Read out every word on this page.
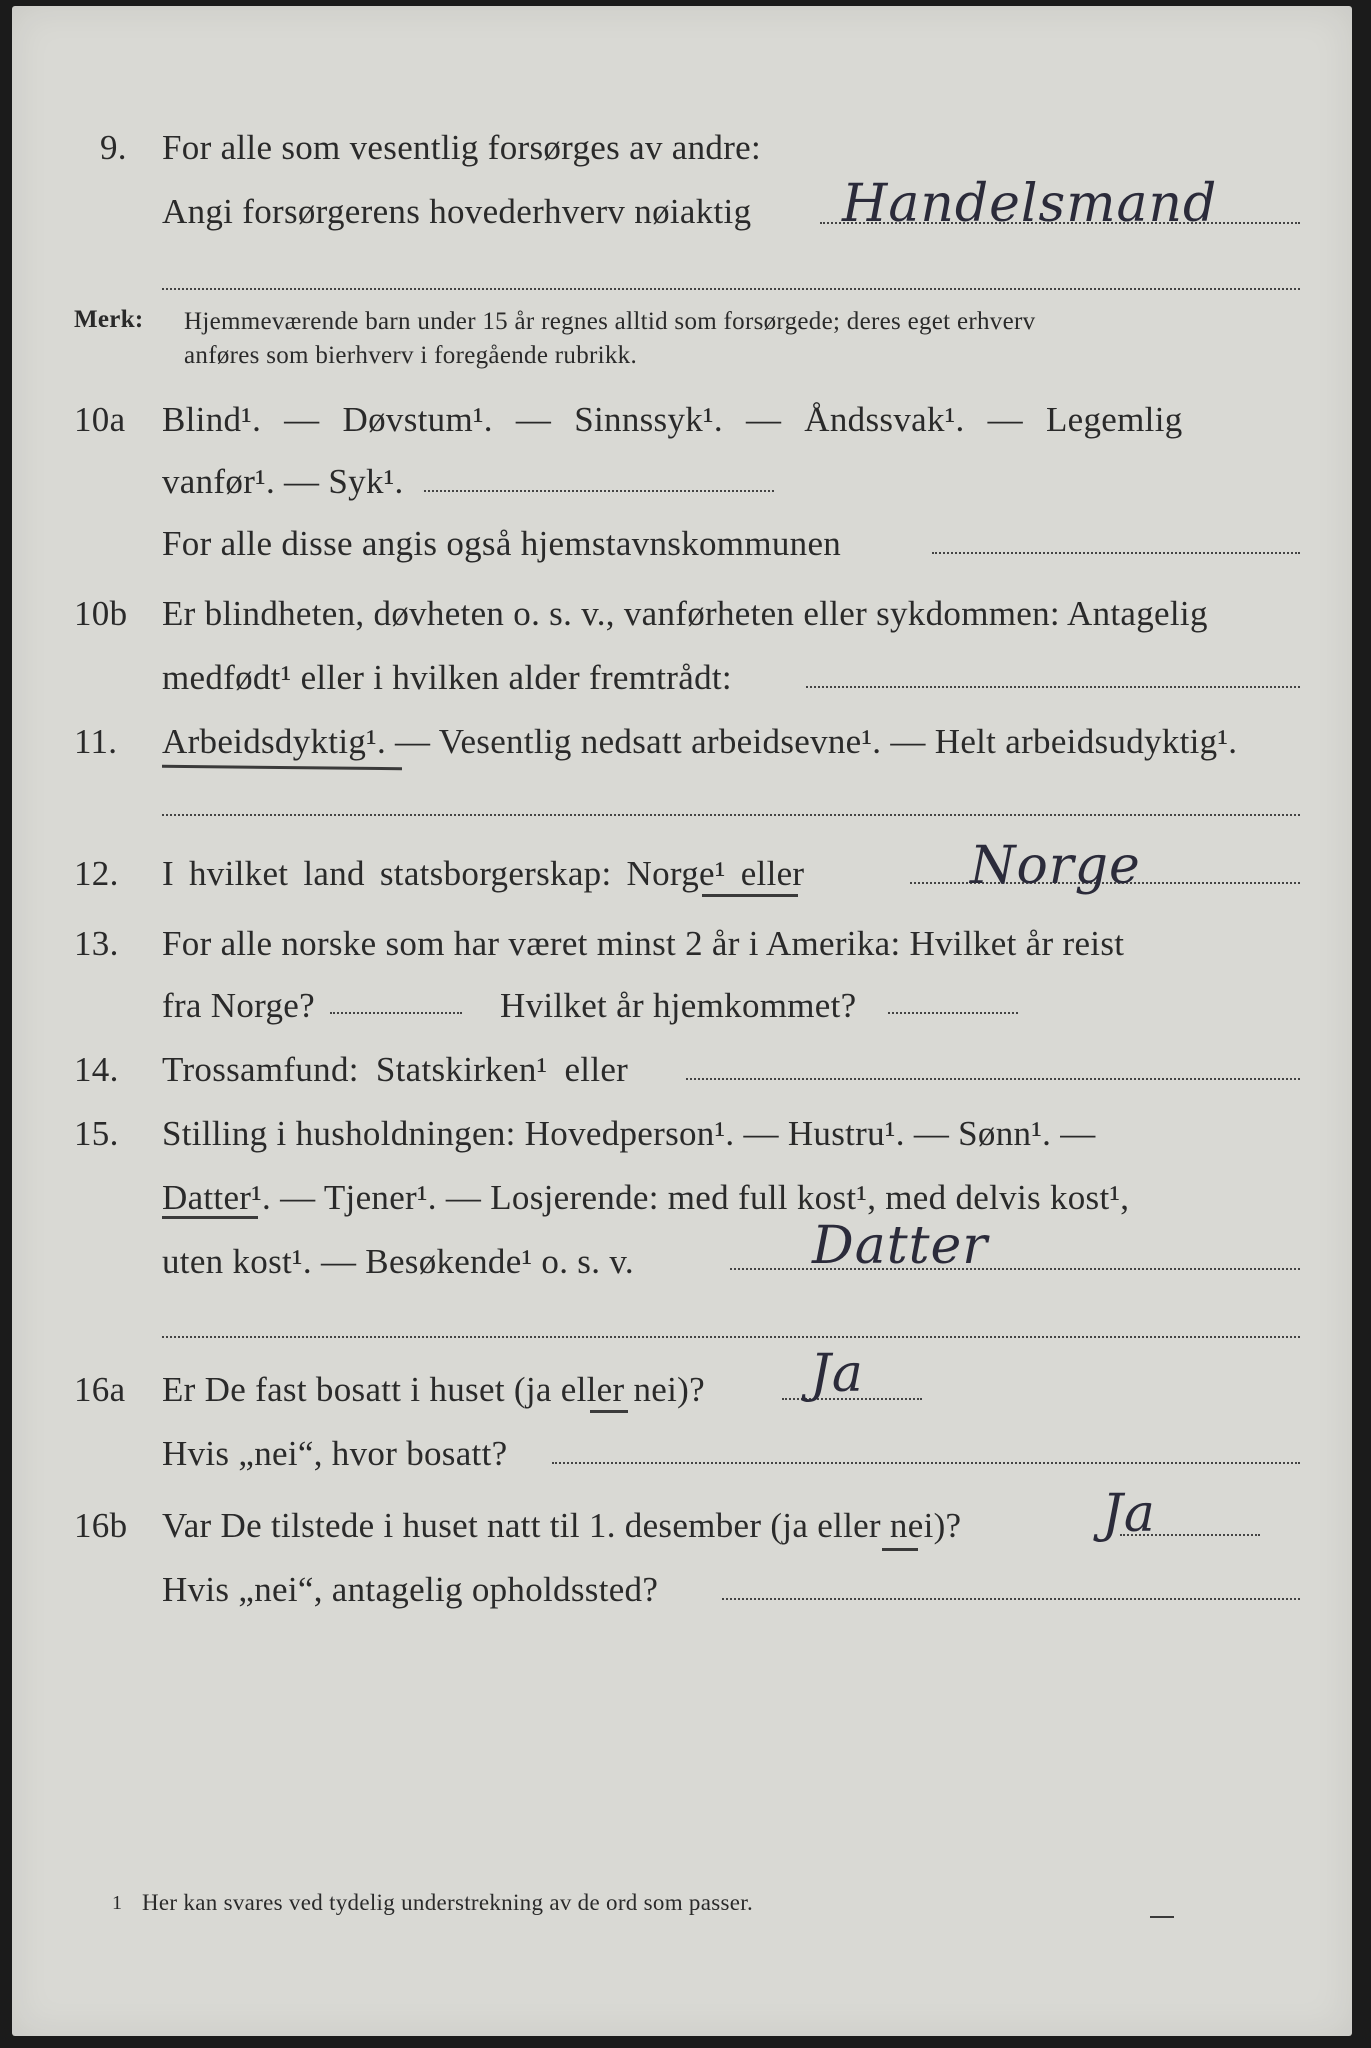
9. For alle som vesentlig forsørges av andre:
Angi forsørgerens hovederhverv nøiaktig Handelsmand
Merk: Hjemmeværende barn under 15 år regnes alltid som forsørgede; deres eget erhverv
anføres som bierhverv i foregående rubrikk.
10a Blind¹. — Døvstum¹. — Sinnssyk¹. — Åndssvak¹. — Legemlig
vanfør¹. — Syk¹.
For alle disse angis også hjemstavnskommunen
10b Er blindheten, døvheten o. s. v., vanførheten eller sykdommen: Antagelig
medfødt¹ eller i hvilken alder fremtrådt:
11. Arbeidsdyktig¹. — Vesentlig nedsatt arbeidsevne¹. — Helt arbeidsudyktig¹.
12. I hvilket land statsborgerskap: Norge¹ eller	Norge
13. For alle norske som har været minst 2 år i Amerika: Hvilket år reist
fra Norge?	Hvilket år hjemkommet?
14. Trossamfund: Statskirken¹ eller
15. Stilling i husholdningen: Hovedperson¹. — Hustru¹. — Sønn¹. —
Datter¹. — Tjener¹. — Losjerende: med full kost¹, med delvis kost¹,
uten kost¹. — Besøkende¹ o. s. v.	Datter
16a Er De fast bosatt i huset (ja eller nei)? Ja
Hvis „nei“, hvor bosatt?
16b Var De tilstede i huset natt til 1. desember (ja eller nei)?	Ja
Hvis „nei“, antagelig opholdssted?
1 Her kan svares ved tydelig understrekning av de ord som passer.
